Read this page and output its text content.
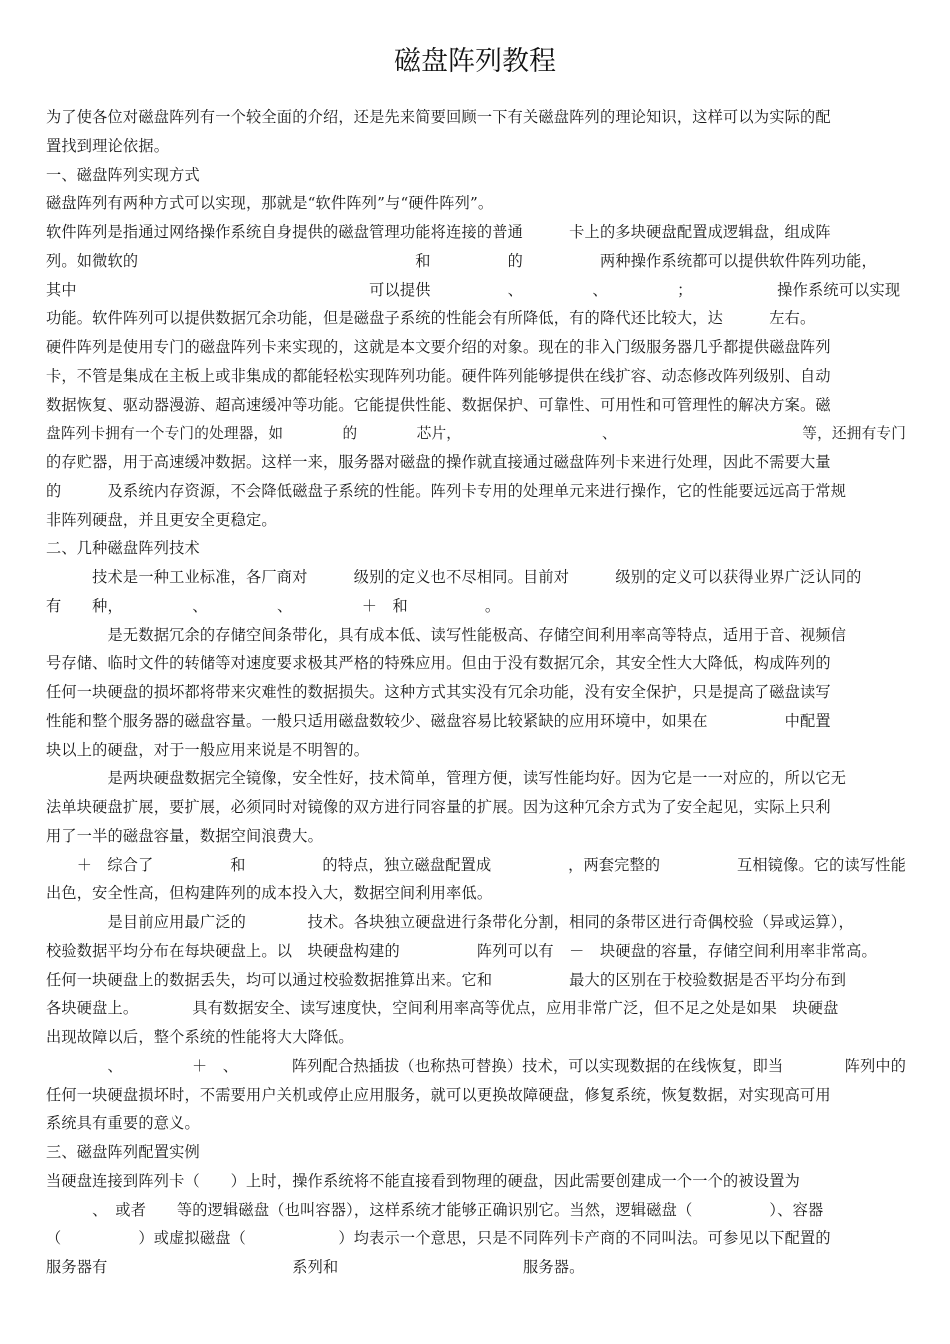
磁盘阵列教程
为了使各位对磁盘阵列有一个较全面的介绍，还是先来简要回顾一下有关磁盘阵列的理论知识，这样可以为实际的配
置找到理论依据。
一、磁盘阵列实现方式
磁盘阵列有两种方式可以实现，那就是“软件阵列”与“硬件阵列”。
软件阵列是指通过网络操作系统自身提供的磁盘管理功能将连接的普通　　　卡上的多块硬盘配置成逻辑盘，组成阵
列。如微软的　　　　　　　　　　　　　　　　　　和　　　　　的　　　　　两种操作系统都可以提供软件阵列功能，
其中　　　　　　　　　　　　　　　　　　　可以提供　　　　　、　　　　　、　　　　　；　　　　　　操作系统可以实现
功能。软件阵列可以提供数据冗余功能，但是磁盘子系统的性能会有所降低，有的降代还比较大，达　　　左右。
硬件阵列是使用专门的磁盘阵列卡来实现的，这就是本文要介绍的对象。现在的非入门级服务器几乎都提供磁盘阵列
卡，不管是集成在主板上或非集成的都能轻松实现阵列功能。硬件阵列能够提供在线扩容、动态修改阵列级别、自动
数据恢复、驱动器漫游、超高速缓冲等功能。它能提供性能、数据保护、可靠性、可用性和可管理性的解决方案。磁
盘阵列卡拥有一个专门的处理器，如　　　　的　　　　芯片，　　　　　　　　　　、　　　　　　　　　　　　　等，还拥有专门
的存贮器，用于高速缓冲数据。这样一来，服务器对磁盘的操作就直接通过磁盘阵列卡来进行处理，因此不需要大量
的　　　及系统内存资源，不会降低磁盘子系统的性能。阵列卡专用的处理单元来进行操作，它的性能要远远高于常规
非阵列硬盘，并且更安全更稳定。
二、几种磁盘阵列技术
　　　技术是一种工业标准，各厂商对　　　级别的定义也不尽相同。目前对　　　级别的定义可以获得业界广泛认同的
有　　种，　　　　　、　　　　　、　　　　　＋　和　　　　　。
　　　　是无数据冗余的存储空间条带化，具有成本低、读写性能极高、存储空间利用率高等特点，适用于音、视频信
号存储、临时文件的转储等对速度要求极其严格的特殊应用。但由于没有数据冗余，其安全性大大降低，构成阵列的
任何一块硬盘的损坏都将带来灾难性的数据损失。这种方式其实没有冗余功能，没有安全保护，只是提高了磁盘读写
性能和整个服务器的磁盘容量。一般只适用磁盘数较少、磁盘容易比较紧缺的应用环境中，如果在　　　　　中配置
块以上的硬盘，对于一般应用来说是不明智的。
　　　　是两块硬盘数据完全镜像，安全性好，技术简单，管理方便，读写性能均好。因为它是一一对应的，所以它无
法单块硬盘扩展，要扩展，必须同时对镜像的双方进行同容量的扩展。因为这种冗余方式为了安全起见，实际上只利
用了一半的磁盘容量，数据空间浪费大。
　　＋　综合了　　　　　和　　　　　的特点，独立磁盘配置成　　　　　，两套完整的　　　　　互相镜像。它的读写性能
出色，安全性高，但构建阵列的成本投入大，数据空间利用率低。
　　　　是目前应用最广泛的　　　　技术。各块独立硬盘进行条带化分割，相同的条带区进行奇偶校验（异或运算），
校验数据平均分布在每块硬盘上。以　块硬盘构建的　　　　　阵列可以有　－　块硬盘的容量，存储空间利用率非常高。
任何一块硬盘上的数据丢失，均可以通过校验数据推算出来。它和　　　　　最大的区别在于校验数据是否平均分布到
各块硬盘上。　　　　具有数据安全、读写速度快，空间利用率高等优点，应用非常广泛，但不足之处是如果　块硬盘
出现故障以后，整个系统的性能将大大降低。
　　　　、　　　　　＋　、　　　　阵列配合热插拔（也称热可替换）技术，可以实现数据的在线恢复，即当　　　　阵列中的
任何一块硬盘损坏时，不需要用户关机或停止应用服务，就可以更换故障硬盘，修复系统，恢复数据，对实现高可用
系统具有重要的意义。
三、磁盘阵列配置实例
当硬盘连接到阵列卡（　　）上时，操作系统将不能直接看到物理的硬盘，因此需要创建成一个一个的被设置为
　　　、　或者　　等的逻辑磁盘（也叫容器），这样系统才能够正确识别它。当然，逻辑磁盘（　　　　　）、容器
（　　　　　）或虚拟磁盘（　　　　　　）均表示一个意思，只是不同阵列卡产商的不同叫法。可参见以下配置的
服务器有　　　　　　　　　　　　系列和　　　　　　　　　　　　服务器。
